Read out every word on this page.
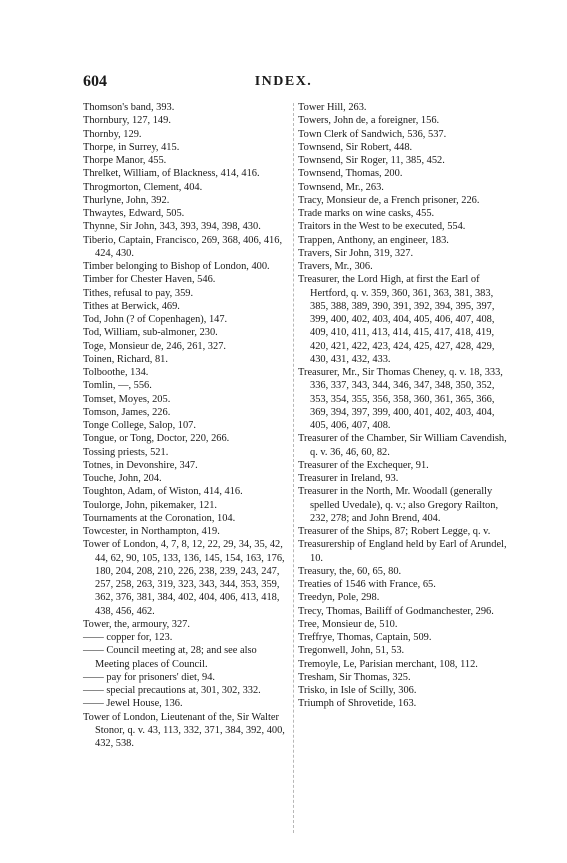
604	INDEX.

Thomson's band, 393.

Thornbury, 127, 149.

Thornby, 129.

Thorpe, in Surrey, 415.

Thorpe Manor, 455.

Threlket, William, of Blackness, 414, 416.

Throgmorton, Clement, 404.

Thurlyne, John, 392.

Thwaytes, Edward, 505.

Thynne, Sir John, 343, 393, 394, 398, 430.

Tiberio, Captain, Francisco, 269, 368, 406, 416, 424, 430.

Timber belonging to Bishop of London, 400.

Timber for Chester Haven, 546.

Tithes, refusal to pay, 359.

Tithes at Berwick, 469.

Tod, John (? of Copenhagen), 147.

Tod, William, sub-almoner, 230.

Toge, Monsieur de, 246, 261, 327.

Toinen, Richard, 81.

Tolboothe, 134.

Tomlin, —, 556.

Tomset, Moyes, 205.

Tomson, James, 226.

Tonge College, Salop, 107.

Tongue, or Tong, Doctor, 220, 266.

Tossing priests, 521.

Totnes, in Devonshire, 347.

Touche, John, 204.

Toughton, Adam, of Wiston, 414, 416.

Toulorge, John, pikemaker, 121.

Tournaments at the Coronation, 104.

Towcester, in Northampton, 419.

Tower of London, 4, 7, 8, 12, 22, 29, 34, 35, 42, 44, 62, 90, 105, 133, 136, 145, 154, 163, 176, 180, 204, 208, 210, 226, 238, 239, 243, 247, 257, 258, 263, 319, 323, 343, 344, 353, 359, 362, 376, 381, 384, 402, 404, 406, 413, 418, 438, 456, 462.

Tower, the, armoury, 327.

—— copper for, 123.

—— Council meeting at, 28; and see also Meeting places of Council.

—— pay for prisoners' diet, 94.

—— special precautions at, 301, 302, 332.

—— Jewel House, 136.

Tower of London, Lieutenant of the, Sir Walter Stonor, q. v. 43, 113, 332, 371, 384, 392, 400, 432, 538.

Tower Hill, 263.

Towers, John de, a foreigner, 156.

Town Clerk of Sandwich, 536, 537.

Townsend, Sir Robert, 448.

Townsend, Sir Roger, 11, 385, 452.

Townsend, Thomas, 200.

Townsend, Mr., 263.

Tracy, Monsieur de, a French prisoner, 226.

Trade marks on wine casks, 455.

Traitors in the West to be executed, 554.

Trappen, Anthony, an engineer, 183.

Travers, Sir John, 319, 327.

Travers, Mr., 306.

Treasurer, the Lord High, at first the Earl of Hertford, q. v. 359, 360, 361, 363, 381, 383, 385, 388, 389, 390, 391, 392, 394, 395, 397, 399, 400, 402, 403, 404, 405, 406, 407, 408, 409, 410, 411, 413, 414, 415, 417, 418, 419, 420, 421, 422, 423, 424, 425, 427, 428, 429, 430, 431, 432, 433.

Treasurer, Mr., Sir Thomas Cheney, q. v. 18, 333, 336, 337, 343, 344, 346, 347, 348, 350, 352, 353, 354, 355, 356, 358, 360, 361, 365, 366, 369, 394, 397, 399, 400, 401, 402, 403, 404, 405, 406, 407, 408.

Treasurer of the Chamber, Sir William Cavendish, q. v. 36, 46, 60, 82.

Treasurer of the Exchequer, 91.

Treasurer in Ireland, 93.

Treasurer in the North, Mr. Woodall (generally spelled Uvedale), q. v.; also Gregory Railton, 232, 278; and John Brend, 404.

Treasurer of the Ships, 87; Robert Legge, q. v.

Treasurership of England held by Earl of Arundel, 10.

Treasury, the, 60, 65, 80.

Treaties of 1546 with France, 65.

Treedyn, Pole, 298.

Trecy, Thomas, Bailiff of Godmanchester, 296.

Tree, Monsieur de, 510.

Treffrye, Thomas, Captain, 509.

Tregonwell, John, 51, 53.

Tremoyle, Le, Parisian merchant, 108, 112.

Tresham, Sir Thomas, 325.

Trisko, in Isle of Scilly, 306.

Triumph of Shrovetide, 163.
